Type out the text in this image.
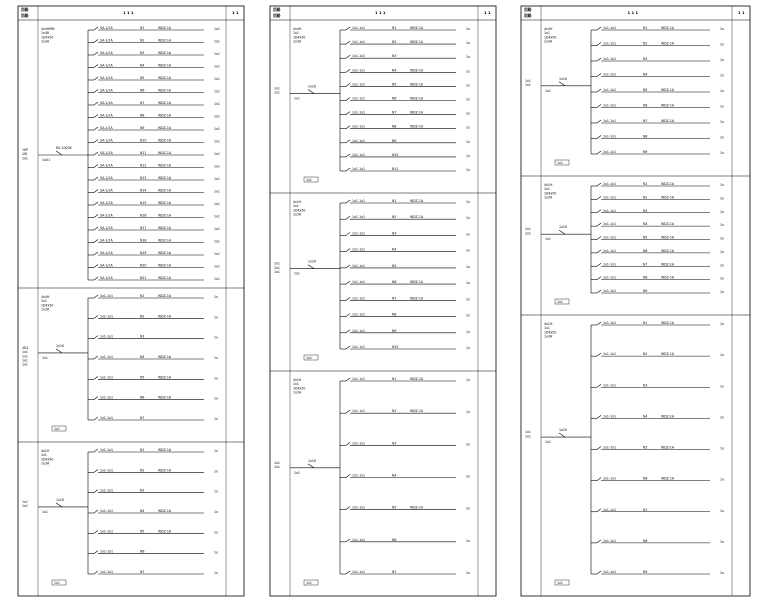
回路
回路
1 1 1	1 1
4x4HMN
1x48
1D4x50
1x3A
1KP
1W
1x1
KU-1000K
1xX1
SA-1/1A	N1	WDZ-1A	1x1
SA-1/1A	N2	WDZ-1A	1x1
SA-1/1A	N3	WDZ-1A	1x1
SA-1/1A	N4	WDZ-1A	1x1
SA-1/1A	N5	WDZ-1A	1x1
SA-1/1A	N6	WDZ-1A	1x1
SA-1/1A	N7	WDZ-1A	1x1
SA-1/1A	N8	WDZ-1A	1x1
SA-1/1A	N9	WDZ-1A	1x1
SA-1/1A	N10	WDZ-1A	1x1
SA-1/1A	N11	WDZ-1A	1x1
SA-1/1A	N12	WDZ-1A	1x1
SA-1/1A	N13	WDZ-1A	1x1
SA-1/1A	N14	WDZ-1A	1x1
SA-1/1A	N15	WDZ-1A	1x1
SA-1/1A	N16	WDZ-1A	1x1
SA-1/1A	N17	WDZ-1A	1x1
SA-1/1A	N18	WDZ-1A	1x1
SA-1/1A	N19	WDZ-1A	1x1
SA-1/1A	N20	WDZ-1A	1x1
SA-1/1A	N21	WDZ-1A	1x1
4x4H
1x1
1D4x50
1x3A
4D1
1x1
1x1
1x1
1x1
1x1K
1x1
1x1
1x1-1x1	N1	WDZ-1A	1x
1x1-1x1	N2	WDZ-1A	1x
1x1-1x1	N3	1x
1x1-1x1	N4	WDZ-1A	1x
1x1-1x1	N5	WDZ-1A	1x
1x1-1x1	N6	WDZ-1A	1x
1x1-1x1	N7	1x
4x1H
1x1
1D4x50
1x3A
1x1
1x1
1x1K
1x1
1x1
1x1-1x1	N1	WDZ-1A	1x
1x1-1x1	N2	WDZ-1A	1x
1x1-1x1	N3	1x
1x1-1x1	N4	WDZ-1A	1x
1x1-1x1	N5	WDZ-1A	1x
1x1-1x1	N6	1x
1x1-1x1	N7	1x
回路
回路
1 1 1	1 1
4x4H
1x1
1D4x50
1x3A
1x1
1x1
1x1K
1x1
1x1
1x1-1x1	N1	WDZ-1A	1x
1x1-1x1	N2	WDZ-1A	1x
1x1-1x1	N3	1x
1x1-1x1	N4	WDZ-1A	1x
1x1-1x1	N5	WDZ-1A	1x
1x1-1x1	N6	WDZ-1A	1x
1x1-1x1	N7	WDZ-1A	1x
1x1-1x1	N8	WDZ-1A	1x
1x1-1x1	N9	1x
1x1-1x1	N10	1x
1x1-1x1	N11	1x
4x1H
1x1
1D4x50
1x3A
1x1
1x1
1x1
1x1K
1x1
1x1
1x1-1x1	N1	WDZ-1A	1x
1x1-1x1	N2	WDZ-1A	1x
1x1-1x1	N3	1x
1x1-1x1	N4	1x
1x1-1x1	N5	1x
1x1-1x1	N6	WDZ-1A	1x
1x1-1x1	N7	WDZ-1A	1x
1x1-1x1	N8	1x
1x1-1x1	N9	1x
1x1-1x1	N10	1x
4x1H
1x1
1D4x50
1x3A
1x1
1x1
1x1K
1x1
1x1
1x1-1x1	N1	WDZ-1A	1x
1x1-1x1	N2	WDZ-1A	1x
1x1-1x1	N3	1x
1x1-1x1	N4	1x
1x1-1x1	N5	WDZ-1A	1x
1x1-1x1	N6	1x
1x1-1x1	N7	1x
回路
回路
1 1 1	1 1
4x4H
1x1
1D4x50
1x3A
1x1
1x1
1x1K
1x1
1x1
1x1-1x1	N1	WDZ-1A	1x
1x1-1x1	N2	WDZ-1A	1x
1x1-1x1	N3	1x
1x1-1x1	N4	1x
1x1-1x1	N5	WDZ-1A	1x
1x1-1x1	N6	WDZ-1A	1x
1x1-1x1	N7	WDZ-1A	1x
1x1-1x1	N8	1x
1x1-1x1	N9	1x
4x1H
1x1
1D4x50
1x3A
1x1
1x1
1x1K
1x1
1x1
1x1-1x1	N1	WDZ-1A	1x
1x1-1x1	N2	WDZ-1A	1x
1x1-1x1	N3	1x
1x1-1x1	N4	WDZ-1A	1x
1x1-1x1	N5	WDZ-1A	1x
1x1-1x1	N6	WDZ-1A	1x
1x1-1x1	N7	WDZ-1A	1x
1x1-1x1	N8	WDZ-1A	1x
1x1-1x1	N9	1x
4x1H
1x1
1D4x50
1x3A
1x1
1x1
1x1K
1x1
1x1
1x1-1x1	N1	WDZ-1A	1x
1x1-1x1	N2	WDZ-1A	1x
1x1-1x1	N3	1x
1x1-1x1	N4	WDZ-1A	1x
1x1-1x1	N5	WDZ-1A	1x
1x1-1x1	N6	WDZ-1A	1x
1x1-1x1	N7	1x
1x1-1x1	N8	1x
1x1-1x1	N9	1x
